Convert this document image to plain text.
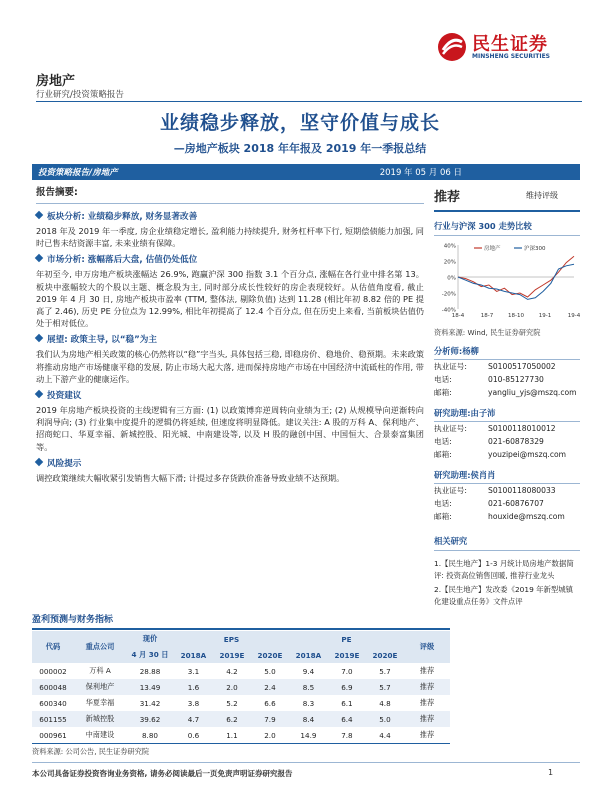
民生证券
MINSHENG SECURITIES
房地产
行业研究/投资策略报告
业绩稳步释放，坚守价值与成长
—房地产板块 2018 年年报及 2019 年一季报总结
投资策略报告/房地产	2019 年 05 月 06 日
报告摘要:
板块分析: 业绩稳步释放, 财务显著改善
2018 年及 2019 年一季度, 房企业绩稳定增长, 盈利能力持续提升, 财务杠杆率下行, 短期偿债能力加强, 同时已售未结资源丰富, 未来业绩有保障。
市场分析: 涨幅落后大盘, 估值仍处低位
年初至今, 申万房地产板块涨幅达 26.9%, 跑赢沪深 300 指数 3.1 个百分点, 涨幅在各行业中排名第 13。板块中涨幅较大的个股以主题、概念股为主, 同时部分成长性较好的房企表现较好。从估值角度看, 截止 2019 年 4 月 30 日, 房地产板块市盈率 (TTM, 整体法, 剔除负值) 达到 11.28 (相比年初 8.82 倍的 PE 提高了 2.46), 历史 PE 分位点为 12.99%, 相比年初提高了 12.4 个百分点, 但在历史上来看, 当前板块估值仍处于相对低位。
展望: 政策主导, 以“稳”为主
我们认为房地产相关政策的核心仍然将以“稳”字当头, 具体包括三稳, 即稳房价、稳地价、稳预期。未来政策将推动房地产市场健康平稳的发展, 防止市场大起大落, 进而保持房地产市场在中国经济中流砥柱的作用, 带动上下游产业的健康运作。
投资建议
2019 年房地产板块投资的主线逻辑有三方面: (1) 以政策博弈逆周转向业绩为王; (2) 从规模导向逆渐转向利润导向; (3) 行业集中度提升的逻辑仍将延续, 但速度将明显降低。建议关注: A 股的万科 A、保利地产、招商蛇口、华夏幸福、新城控股、阳光城、中南建设等, 以及 H 股的融创中国、中国恒大、合景泰富集团等。
风险提示
调控政策继续大幅收紧引发销售大幅下滑; 计提过多存货跌价准备导致业绩不达预期。
推荐	维持评级
行业与沪深 300 走势比较
40%
20%
0%
-20%
-40%
18-4	18-7	18-10	19-1	19-4
房地产	沪深300
资料来源: Wind, 民生证券研究院
分析师:杨柳
执业证号:	S0100517050002
电话:	010-85127730
邮箱:	yangliu_yjs@mszq.com
研究助理:由子沛
执业证号:	S0100118010012
电话:	021-60878329
邮箱:	youzipei@mszq.com
研究助理:侯肖肖
执业证号:	S0100118080033
电话:	021-60876707
邮箱:	houxide@mszq.com
相关研究
1.【民生地产】1-3 月统计局房地产数据简评: 投资高位销售回暖, 推荐行业龙头
2.【民生地产】发改委《2019 年新型城镇化建设重点任务》文件点评
盈利预测与财务指标
代码	重点公司	现价	EPS			PE			评级
		4 月 30 日	2018A	2019E	2020E	2018A	2019E	2020E	
000002	万科 A	28.88	3.1	4.2	5.0	9.4	7.0	5.7	推荐
600048	保利地产	13.49	1.6	2.0	2.4	8.5	6.9	5.7	推荐
600340	华夏幸福	31.42	3.8	5.2	6.6	8.3	6.1	4.8	推荐
601155	新城控股	39.62	4.7	6.2	7.9	8.4	6.4	5.0	推荐
000961	中南建设	8.80	0.6	1.1	2.0	14.9	7.8	4.4	推荐
资料来源: 公司公告, 民生证券研究院
本公司具备证券投资咨询业务资格, 请务必阅读最后一页免责声明证券研究报告	1
